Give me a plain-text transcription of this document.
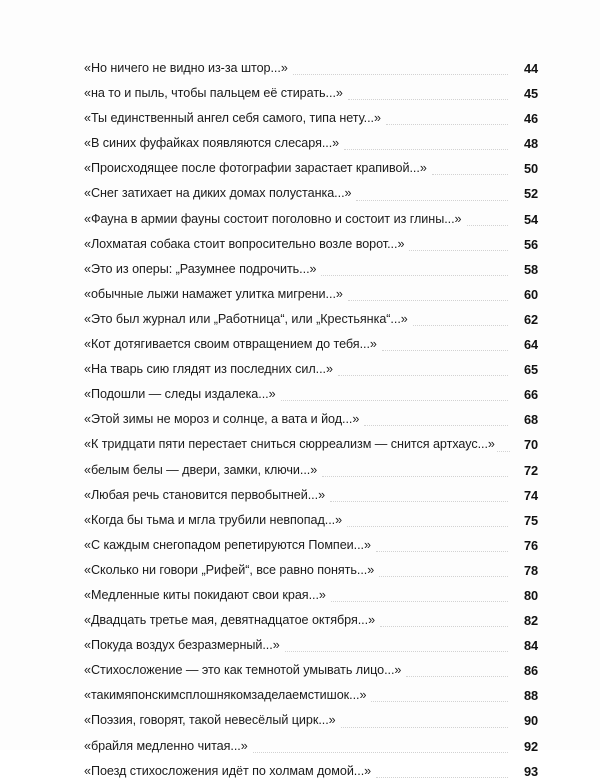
«Но ничего не видно из-за штор...»	44
«на то и пыль, чтобы пальцем её стирать...»	45
«Ты единственный ангел себя самого, типа нету...»	46
«В синих фуфайках появляются слесаря...»	48
«Происходящее после фотографии зарастает крапивой...»	50
«Снег затихает на диких домах полустанка...»	52
«Фауна в армии фауны состоит поголовно и состоит из глины...»	54
«Лохматая собака стоит вопросительно возле ворот...»	56
«Это из оперы: „Разумнее подрочить...»	58
«обычные лыжи намажет улитка мигрени...»	60
«Это был журнал или „Работница“, или „Крестьянка“...»	62
«Кот дотягивается своим отвращением до тебя...»	64
«На тварь сию глядят из последних сил...»	65
«Подошли — следы издалека...»	66
«Этой зимы не мороз и солнце, а вата и йод...»	68
«К тридцати пяти перестает сниться сюрреализм — снится артхаус...»	70
«белым белы — двери, замки, ключи...»	72
«Любая речь становится первобытней...»	74
«Когда бы тьма и мгла трубили невпопад...»	75
«С каждым снегопадом репетируются Помпеи...»	76
«Сколько ни говори „Рифей“, все равно понять...»	78
«Медленные киты покидают свои края...»	80
«Двадцать третье мая, девятнадцатое октября...»	82
«Покуда воздух безразмерный...»	84
«Стихосложение — это как темнотой умывать лицо...»	86
«такимяпонскимсплошнякомзаделаемстишок...»	88
«Поэзия, говорят, такой невесёлый цирк...»	90
«брайля медленно читая...»	92
«Поезд стихосложения идёт по холмам домой...»	93
